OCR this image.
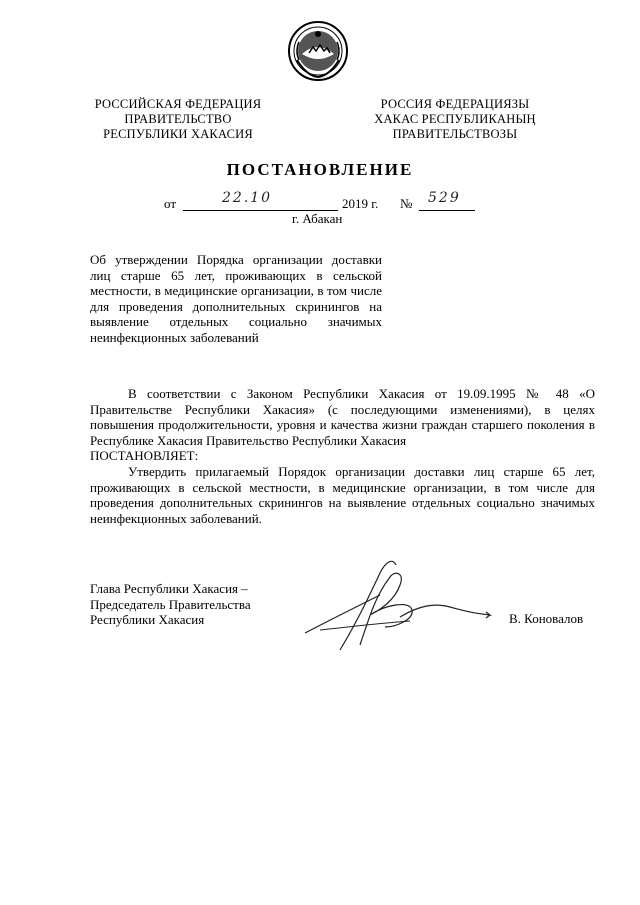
РОССИЙСКАЯ ФЕДЕРАЦИЯ
ПРАВИТЕЛЬСТВО
РЕСПУБЛИКИ ХАКАСИЯ
РОССИЯ ФЕДЕРАЦИЯЗЫ
ХАКАС РЕСПУБЛИКАНЫҢ
ПРАВИТЕЛЬСТВОЗЫ
ПОСТАНОВЛЕНИЕ
от	22.10	2019 г. № 529
г. Абакан
Об утверждении Порядка организации доставки лиц старше 65 лет, проживающих в сельской местности, в медицинские организации, в том числе для проведения дополнительных скринингов на выявление отдельных социально значимых неинфекционных заболеваний
В соответствии с Законом Республики Хакасия от 19.09.1995 № 48 «О Правительстве Республики Хакасия» (с последующими изменениями), в целях повышения продолжительности, уровня и качества жизни граждан старшего поколения в Республике Хакасия Правительство Республики Хакасия
ПОСТАНОВЛЯЕТ:
Утвердить прилагаемый Порядок организации доставки лиц старше 65 лет, проживающих в сельской местности, в медицинские организации, в том числе для проведения дополнительных скринингов на выявление отдельных социально значимых неинфекционных заболеваний.
Глава Республики Хакасия –
Председатель Правительства
Республики Хакасия	В. Коновалов
